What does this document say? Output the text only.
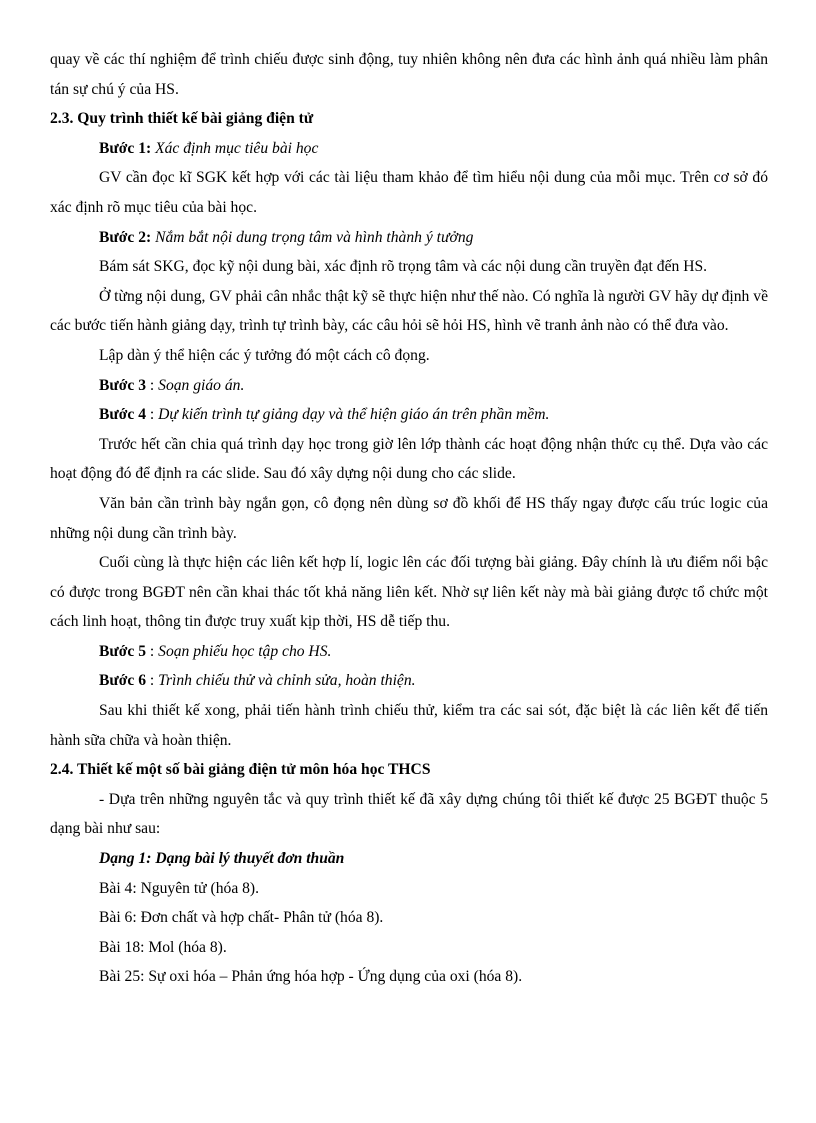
quay về các thí nghiệm để trình chiếu được sinh động, tuy nhiên không nên đưa các hình ảnh quá nhiều làm phân tán sự chú ý của HS.

2.3. Quy trình thiết kế bài giảng điện tử

Bước 1: Xác định mục tiêu bài học

GV cần đọc kĩ SGK kết hợp với các tài liệu tham khảo để tìm hiểu nội dung của mỗi mục. Trên cơ sở đó xác định rõ mục tiêu của bài học.

Bước 2: Nắm bắt nội dung trọng tâm và hình thành ý tưởng

Bám sát SKG, đọc kỹ nội dung bài, xác định rõ trọng tâm và các nội dung cần truyền đạt đến HS.

Ở từng nội dung, GV phải cân nhắc thật kỹ sẽ thực hiện như thế nào. Có nghĩa là người GV hãy dự định về các bước tiến hành giảng dạy, trình tự trình bày, các câu hỏi sẽ hỏi HS, hình vẽ tranh ảnh nào có thể đưa vào.

Lập dàn ý thể hiện các ý tưởng đó một cách cô đọng.

Bước 3 : Soạn giáo án.

Bước 4 : Dự kiến trình tự giảng dạy và thể hiện giáo án trên phần mềm.

Trước hết cần chia quá trình dạy học trong giờ lên lớp thành các hoạt động nhận thức cụ thể. Dựa vào các hoạt động đó để định ra các slide. Sau đó xây dựng nội dung cho các slide.

Văn bản cần trình bày ngắn gọn, cô đọng nên dùng sơ đồ khối để HS thấy ngay được cấu trúc logic của những nội dung cần trình bày.

Cuối cùng là thực hiện các liên kết hợp lí, logic lên các đối tượng bài giảng. Đây chính là ưu điểm nổi bậc có được trong BGĐT nên cần khai thác tốt khả năng liên kết. Nhờ sự liên kết này mà bài giảng được tổ chức một cách linh hoạt, thông tin được truy xuất kịp thời, HS dễ tiếp thu.

Bước 5 : Soạn phiếu học tập cho HS.

Bước 6 : Trình chiếu thử và chỉnh sửa, hoàn thiện.

Sau khi thiết kế xong, phải tiến hành trình chiếu thử, kiểm tra các sai sót, đặc biệt là các liên kết để tiến hành sữa chữa và hoàn thiện.

2.4. Thiết kế một số bài giảng điện tử môn hóa học THCS

- Dựa trên những nguyên tắc và quy trình thiết kế đã xây dựng chúng tôi thiết kế được 25 BGĐT thuộc 5 dạng bài như sau:

Dạng 1: Dạng bài lý thuyết đơn thuần

Bài 4: Nguyên tử (hóa 8).

Bài 6: Đơn chất và hợp chất- Phân tử (hóa 8).

Bài 18: Mol (hóa 8).

Bài 25: Sự oxi hóa – Phản ứng hóa hợp - Ứng dụng của oxi (hóa 8).
